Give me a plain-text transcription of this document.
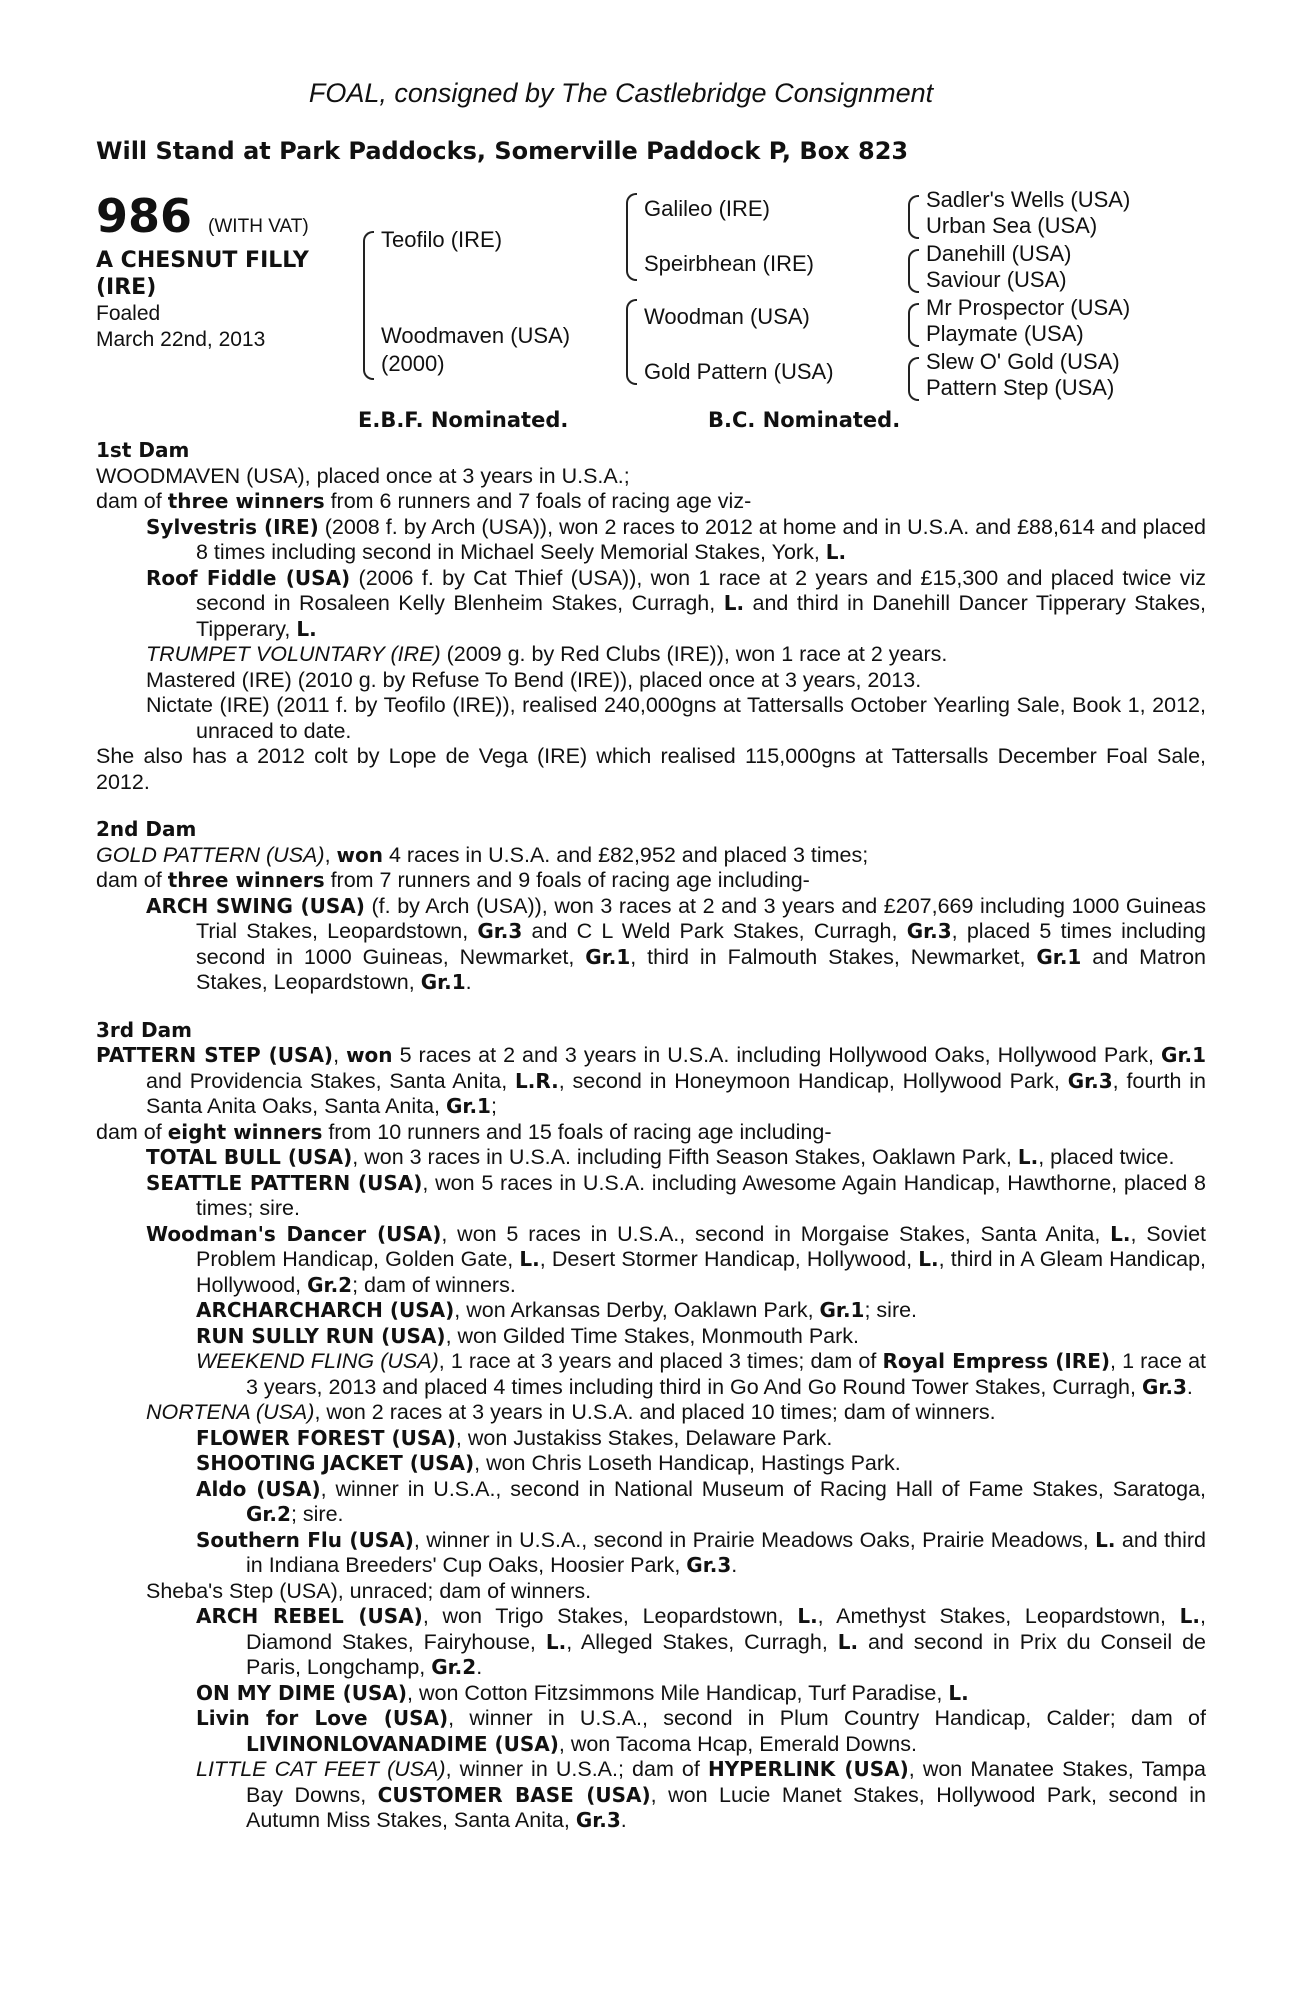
FOAL, consigned by The Castlebridge Consignment
Will Stand at Park Paddocks, Somerville Paddock P, Box 823
986 (WITH VAT)
A CHESNUT FILLY
(IRE)
Foaled
March 22nd, 2013
Teofilo (IRE)
Woodmaven (USA)
(2000)
Galileo (IRE)
Speirbhean (IRE)
Woodman (USA)
Gold Pattern (USA)
Sadler's Wells (USA)
Urban Sea (USA)
Danehill (USA)
Saviour (USA)
Mr Prospector (USA)
Playmate (USA)
Slew O' Gold (USA)
Pattern Step (USA)
E.B.F. Nominated.	B.C. Nominated.
1st Dam

WOODMAVEN (USA), placed once at 3 years in U.S.A.;

dam of three winners from 6 runners and 7 foals of racing age viz-

Sylvestris (IRE) (2008 f. by Arch (USA)), won 2 races to 2012 at home and in U.S.A. and £88,614 and placed 8 times including second in Michael Seely Memorial Stakes, York, L.

Roof Fiddle (USA) (2006 f. by Cat Thief (USA)), won 1 race at 2 years and £15,300 and placed twice viz second in Rosaleen Kelly Blenheim Stakes, Curragh, L. and third in Danehill Dancer Tipperary Stakes, Tipperary, L.

TRUMPET VOLUNTARY (IRE) (2009 g. by Red Clubs (IRE)), won 1 race at 2 years.

Mastered (IRE) (2010 g. by Refuse To Bend (IRE)), placed once at 3 years, 2013.

Nictate (IRE) (2011 f. by Teofilo (IRE)), realised 240,000gns at Tattersalls October Yearling Sale, Book 1, 2012, unraced to date.

She also has a 2012 colt by Lope de Vega (IRE) which realised 115,000gns at Tattersalls December Foal Sale, 2012.

2nd Dam

GOLD PATTERN (USA), won 4 races in U.S.A. and £82,952 and placed 3 times;

dam of three winners from 7 runners and 9 foals of racing age including-

ARCH SWING (USA) (f. by Arch (USA)), won 3 races at 2 and 3 years and £207,669 including 1000 Guineas Trial Stakes, Leopardstown, Gr.3 and C L Weld Park Stakes, Curragh, Gr.3, placed 5 times including second in 1000 Guineas, Newmarket, Gr.1, third in Falmouth Stakes, Newmarket, Gr.1 and Matron Stakes, Leopardstown, Gr.1.

3rd Dam

PATTERN STEP (USA), won 5 races at 2 and 3 years in U.S.A. including Hollywood Oaks, Hollywood Park, Gr.1 and Providencia Stakes, Santa Anita, L.R., second in Honeymoon Handicap, Hollywood Park, Gr.3, fourth in Santa Anita Oaks, Santa Anita, Gr.1;

dam of eight winners from 10 runners and 15 foals of racing age including-

TOTAL BULL (USA), won 3 races in U.S.A. including Fifth Season Stakes, Oaklawn Park, L., placed twice.

SEATTLE PATTERN (USA), won 5 races in U.S.A. including Awesome Again Handicap, Hawthorne, placed 8 times; sire.

Woodman's Dancer (USA), won 5 races in U.S.A., second in Morgaise Stakes, Santa Anita, L., Soviet Problem Handicap, Golden Gate, L., Desert Stormer Handicap, Hollywood, L., third in A Gleam Handicap, Hollywood, Gr.2; dam of winners.

ARCHARCHARCH (USA), won Arkansas Derby, Oaklawn Park, Gr.1; sire.

RUN SULLY RUN (USA), won Gilded Time Stakes, Monmouth Park.

WEEKEND FLING (USA), 1 race at 3 years and placed 3 times; dam of Royal Empress (IRE), 1 race at 3 years, 2013 and placed 4 times including third in Go And Go Round Tower Stakes, Curragh, Gr.3.

NORTENA (USA), won 2 races at 3 years in U.S.A. and placed 10 times; dam of winners.

FLOWER FOREST (USA), won Justakiss Stakes, Delaware Park.

SHOOTING JACKET (USA), won Chris Loseth Handicap, Hastings Park.

Aldo (USA), winner in U.S.A., second in National Museum of Racing Hall of Fame Stakes, Saratoga, Gr.2; sire.

Southern Flu (USA), winner in U.S.A., second in Prairie Meadows Oaks, Prairie Meadows, L. and third in Indiana Breeders' Cup Oaks, Hoosier Park, Gr.3.

Sheba's Step (USA), unraced; dam of winners.

ARCH REBEL (USA), won Trigo Stakes, Leopardstown, L., Amethyst Stakes, Leopardstown, L., Diamond Stakes, Fairyhouse, L., Alleged Stakes, Curragh, L. and second in Prix du Conseil de Paris, Longchamp, Gr.2.

ON MY DIME (USA), won Cotton Fitzsimmons Mile Handicap, Turf Paradise, L.

Livin for Love (USA), winner in U.S.A., second in Plum Country Handicap, Calder; dam of LIVINONLOVANADIME (USA), won Tacoma Hcap, Emerald Downs.

LITTLE CAT FEET (USA), winner in U.S.A.; dam of HYPERLINK (USA), won Manatee Stakes, Tampa Bay Downs, CUSTOMER BASE (USA), won Lucie Manet Stakes, Hollywood Park, second in Autumn Miss Stakes, Santa Anita, Gr.3.
